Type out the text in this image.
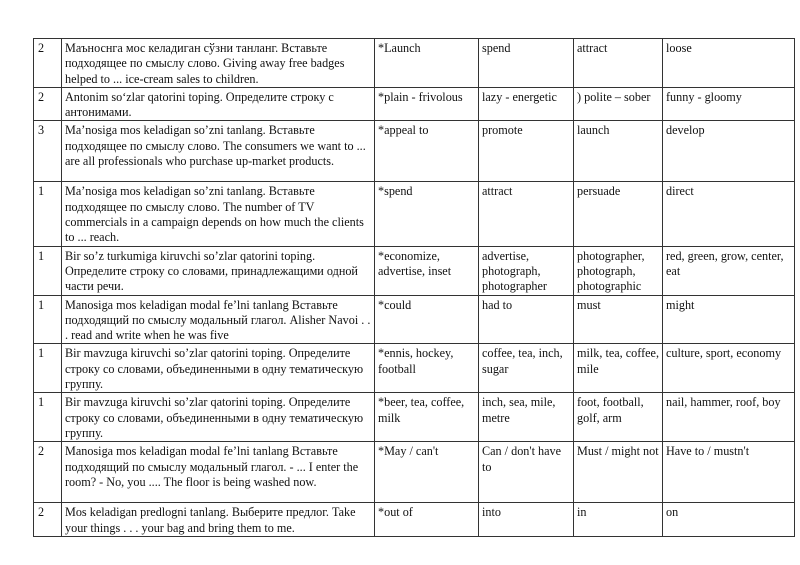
2	Маъноснга мос келадиган сўзни танланг. Вставьте подходящее по смыслу слово. Giving away free badges helped to ... ice-cream sales to children.	*Launch	spend	attract	loose
2	Antonim so‘zlar qatorini toping. Определите строку с антонимами.	*plain - frivolous	lazy - energetic	) polite – sober	funny - gloomy
3	Ma’nosiga mos keladigan so’zni tanlang. Вставьте подходящее по смыслу слово. The consumers we want to ... are all professionals who purchase up-market products.	*appeal to	promote	launch	develop
1	Ma’nosiga mos keladigan so’zni tanlang. Вставьте подходящее по смыслу слово. The number of TV commercials in a campaign depends on how much the clients to ... reach.	*spend	attract	persuade	direct
1	Bir so’z turkumiga kiruvchi so’zlar qatorini toping. Определите строку со словами, принадлежащими одной части речи.	*economize, advertise, inset	advertise, photograph, photographer	photographer, photograph, photographic	red, green, grow, center, eat
1	Manosiga mos keladigan modal fe’lni tanlang Вставьте подходящий по смыслу модальный глагол. Alisher Navoi . . . read and write when he was five	*could	had to	must	might
1	Bir mavzuga kiruvchi so’zlar qatorini toping. Определите строку со словами, объединенными в одну тематическую группу.	*ennis, hockey, football	coffee, tea, inch, sugar	milk, tea, coffee, mile	culture, sport, economy
1	Bir mavzuga kiruvchi so’zlar qatorini toping. Определите строку со словами, объединенными в одну тематическую группу.	*beer, tea, coffee, milk	inch, sea, mile, metre	foot, football, golf, arm	nail, hammer, roof, boy
2	Manosiga mos keladigan modal fe’lni tanlang Вставьте подходящий по смыслу модальный глагол. - ... I enter the room? - No, you .... The floor is being washed now.	*May / can't	Can / don't have to	Must / might not	Have to / mustn't
2	Mos keladigan predlogni tanlang. Выберите предлог. Take your things . . . your bag and bring them to me.	*out of	into	in	on
